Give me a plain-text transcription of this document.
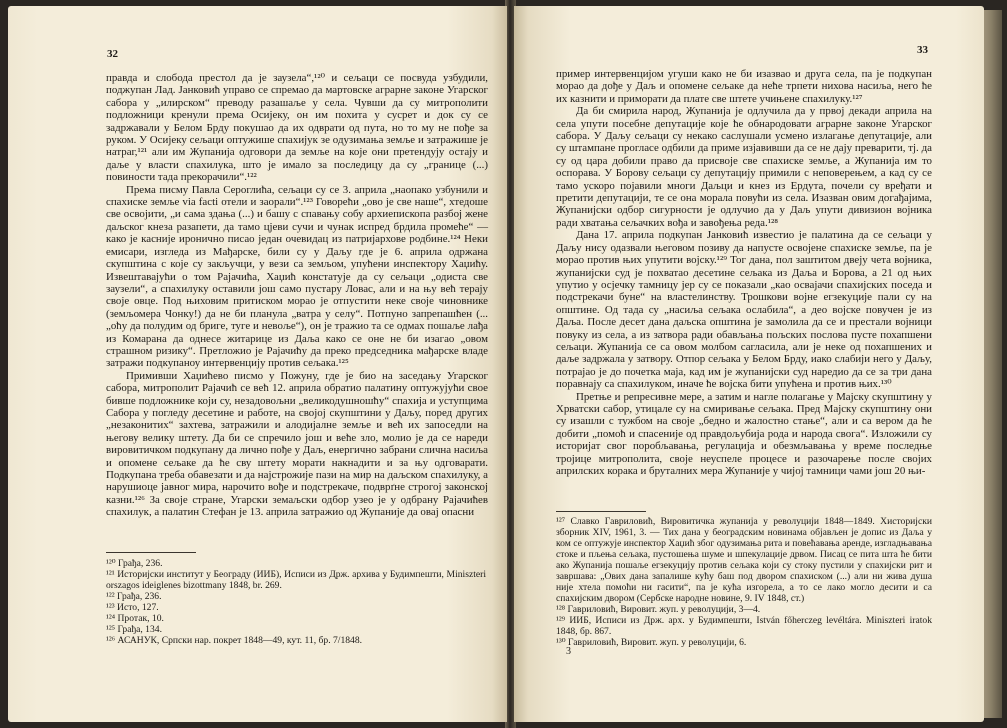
32

правда и слобода престол да је заузела“,¹²⁰ и сељаци се посвуда узбудили, поджупан Лад. Јанковић управо се спремао да мартовске аграрне законе Угарског сабора у „илирском“ преводу разашаље у села. Чувши да су митрополити подложници кренули према Осијеку, он им похита у сусрет и док су се задржавали у Белом Брду покушао да их одврати од пута, но то му не пође за руком. У Осијеку сељаци оптужише спахијук зе одузимања земље и затражише је натраг,¹²¹ али им Жупанија одговори да земље на које они претендују остају и даље у власти спахилука, што је имало за последицу да су „границе (...) повиности тада прекорачили“.¹²²

Према писму Павла Сероглића, сељаци су се 3. априла „наопако узбунили и спахиске земље via facti отели и заорали“.¹²³ Говорећи „ово је све наше“, хтедоше све освојити, „и сама здања (...) и башу с спавању собу архиепископа разбој жене даљског кнеза разапети, да тамо цјеви сучи и чунак испред брдила промеће“ — како је касније иронично писао један очевидац из патријархове родбине.¹²⁴ Неки емисари, изгледа из Мађарске, били су у Даљу где је 6. априла одржана скупштина с које су закључци, у вези са земљом, упућени инспектору Хаџићу. Извештавајући о том Рајачића, Хаџић констатује да су сељаци „одиста све заузели“, а спахилуку оставили још само пустару Ловас, али и на њу већ терају своје овце. Под њиховим притиском морао је отпустити неке своје чиновнике (земљомера Чонку!) да не би планула „ватра у селу“. Потпуно запрепашћен (...„оћу да полудим од бриге, туге и невоље“), он је тражио та се одмах пошаље лађа из Комарана да однесе житарице из Даља како се оне не би изагао „овом страшном ризику“. Претложио је Рајачићу да преко председника мађарске владе затражи подкупаноу интервенцију против сељака.¹²⁵

Примивши Хаџићево писмо у Пожуну, где је био на заседању Угарског сабора, митрополит Рајачић се већ 12. априла обратио палатину оптужујући свое бивше подложнике који су, незадовољни „великодушношћу“ спахија и уступцима Сабора у погледу десетине и работе, на својој скупштини у Даљу, поред других „незаконитих“ захтева, затражили и алодијалне земље и већ их запоседли на његову велику штету. Да би се спречило још и веће зло, молио је да се нареди вировитичком подкупану да лично пође у Даљ, енергично забрани слична насиља и опомене сељаке да ће сву штету морати накнадити и за њу одговарати. Подкупана треба обавезати и да најстрожије пази на мир на даљском спахилуку, а нарушиоце јавног мира, нарочито вође и подстрекаче, подврґне строгој законској казни.¹²⁶ За своје стране, Угарски земаљски одбор узео је у одбрану Рајачићев спахилук, а палатин Стефан је 13. априла затражио од Жупаније да овај опасни

¹²⁰ Грађа, 236.
¹²¹ Историјски институт у Београду (ИИБ), Исписи из Држ. архива у Будимпешти, Miniszteri orszagos ideiglenes bizottmany 1848, br. 269.
¹²² Грађа, 236.
¹²³ Исто, 127.
¹²⁴ Протак, 10.
¹²⁵ Грађа, 134.
¹²⁶ АСАНУК, Српски нар. покрет 1848—49, кут. 11, бр. 7/1848.
33

пример интервенцијом угуши како не би изазвао и друга села, па је подкупан морао да дође у Даљ и опомене сељаке да неће трпети нихова насиља, него ће их казнити и приморати да плате све штете учињене спахилуку.¹²⁷

Да би смирила народ, Жупанија је одлучила да у првој декади априла на села упути посебне депутације које ће обнародовати аграрне законе Угарског сабора. У Даљу сељаци су некако саслушали усмено излагање депутације, али су штампане прогласе одбили да приме изјавивши да се не дају преварити, тј. да су од цара добили право да присвоје све спахиске земље, а Жупанија им то оспорава. У Боровy сељаци су депутацију примили с неповерењем, а кад су се тамо ускоро појавили многи Даљци и кнез из Ердута, почели су вређати и претити депутацији, те се она морала повући из села. Изазван овим догађајима, Жупанијски одбор сигурности је одлучио да у Даљ упути дивизион војника ради хватања сељачких вођа и завођења реда.¹²⁸

Дана 17. априла подкупан Јанковић известио је палатина да се сељаци у Даљу нису одазвали његовом позиву да напусте освојене спахиске земље, па је морао против њих упутити војску.¹²⁹ Тог дана, пол заштитом двеју чета војника, жупанијски суд је похватао десетине сељака из Даља и Борова, а 21 од њих упутио у осјечку тамницу јер су се показали „као осваjачи спахијских поседа и подстрекачи буне“ на властелинству. Трошкови војне егзекуције пали су на општине. Од тада су „насиља сељака ослабила“, а део војске повучен је из Даља. После десет дана даљска општина је замолила да се и престали војници повуку из села, а из затвора ради обављања пољских послова пусте похапшени сељаци. Жупанија се са овом молбом сагласила, али је неке од похапшених и даље задржала у затвору. Отпор сељака у Белом Брду, иако слабији него у Даљу, потрајао је до почетка маја, кад им је жупанијски суд наредио да се за три дана поравнају са спахилуком, иначе ће војска бити упућена и против њих.¹³⁰

Претње и репресивне мере, а затим и нагле полагање у Мајску скупштину у Хрватски сабор, утицале су на смиривање сељака. Пред Мајску скупштину они су изашли с тужбом на своје „бедно и жалостно стање“, али и са вером да ће добити „помоћ и спасеније од правдољубија рода и народа свога“. Изложили су историјат свог поробљавања, регулација и обезмљавања у време последње тројице митрополита, своје неуспеле процесе и разочарење после својих априлских корака и бруталних мера Жупаније у чијој тамници чами још 20 њи-

¹²⁷ Славко Гавриловић, Вировитичка жупанија у револуцији 1848—1849. Хисториjски зборник XIV, 1961, 3. — Тих дана у београдским новинама објављен је допис из Даља у ком се оптужује инспектор Хаџић због одузимања рита и повећавања аренде, изгладњавања стоке и пљења сељака, пустошења шуме и шпекулације дрвом. Писац се пита шта ће бити ако Жупанија пошаље егзекуцију против сељака који су стоку пустили у спахијски рит и завршава: „Ових дана запалише кућу баш под двором спахиском (...) али ни жива душа није хтела помоћи ни гасити“, па је кућа изгорела, а то се лако могло десити и са спахијским двором (Сербске народне новине, 9. IV 1848, ст.)
¹²⁸ Гавриловић, Вировит. жуп. у револуцији, 3—4.
¹²⁹ ИИБ, Исписи из Држ. арх. у Будимпешти, István főherczeg levéltára. Miniszteri iratok 1848, бр. 867.
¹³⁰ Гавриловић, Вировит. жуп. у револуцији, 6.
3
